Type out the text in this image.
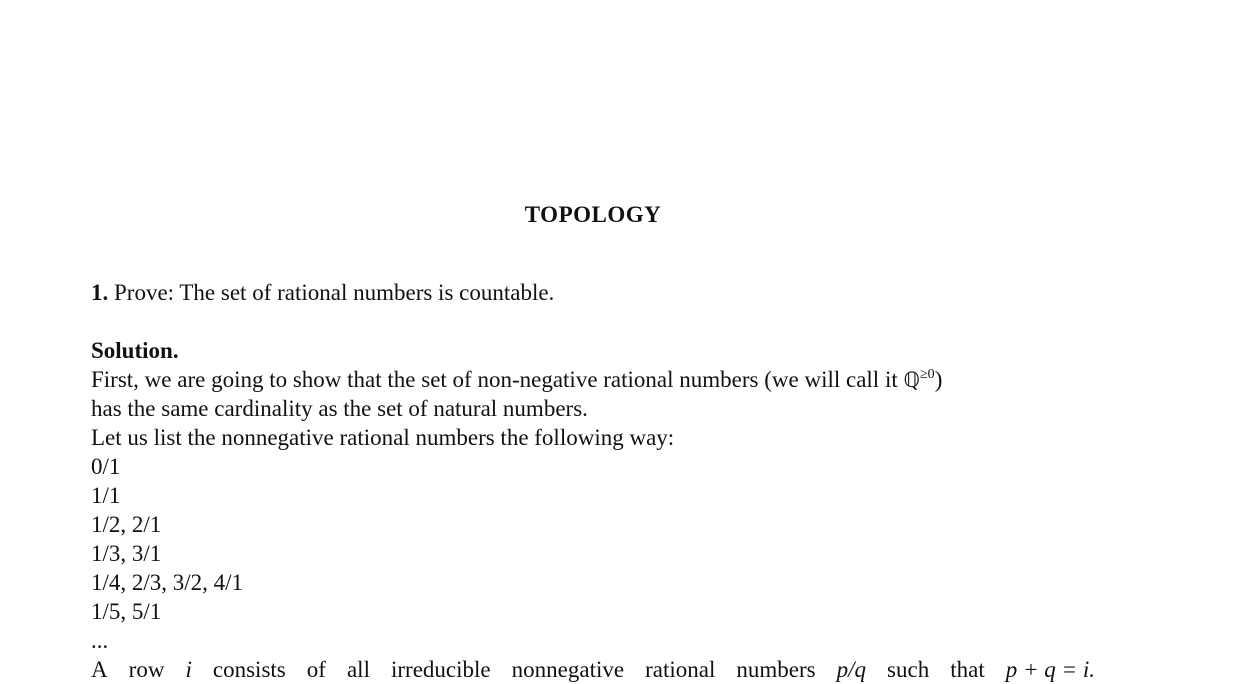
TOPOLOGY
1. Prove: The set of rational numbers is countable.
Solution.
First, we are going to show that the set of non-negative rational numbers (we will call it ℚ$^{\ge 0}$)
has the same cardinality as the set of natural numbers.
Let us list the nonnegative rational numbers the following way:
0/1
1/1
1/2, 2/1
1/3, 3/1
1/4, 2/3, 3/2, 4/1
1/5, 5/1
...
A row i consists of all irreducible nonnegative rational numbers p/q such that p + q = i.
